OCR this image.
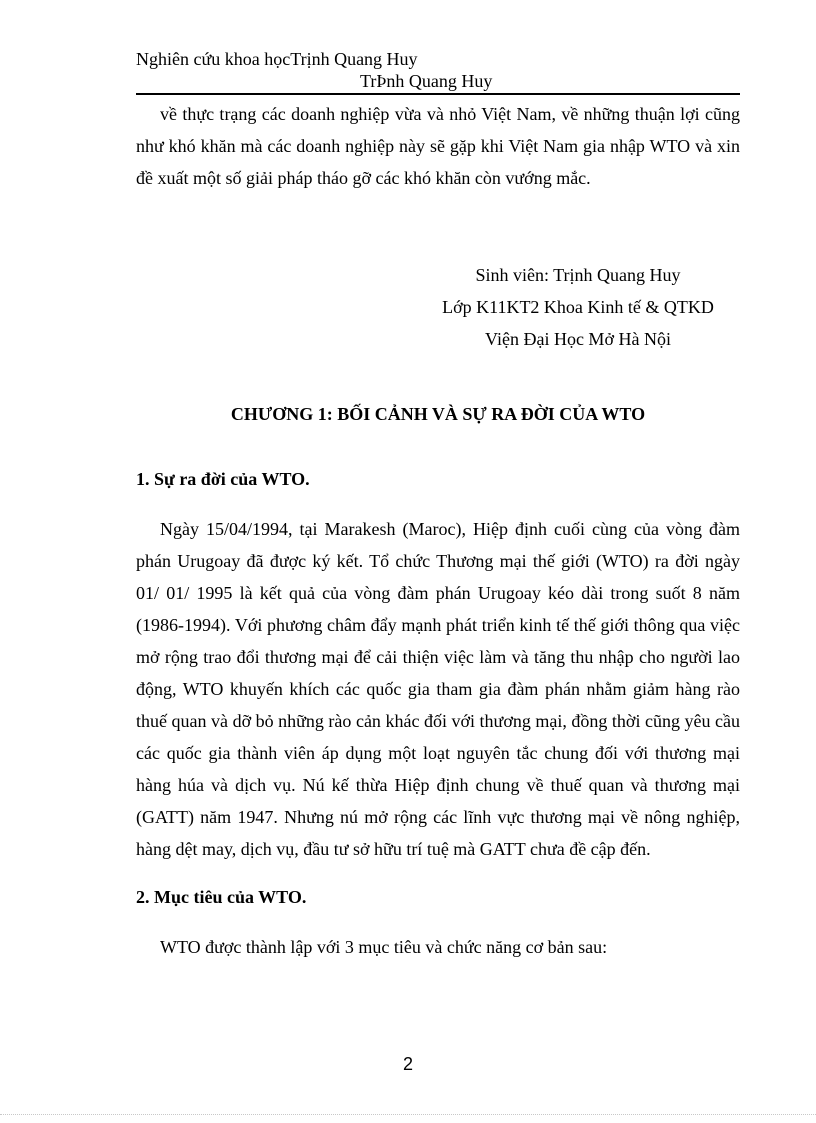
Nghiên cứu khoa họcTrịnh Quang Huy
TrÞnh Quang Huy

về thực trạng các doanh nghiệp vừa và nhỏ Việt Nam, về những thuận lợi cũng như khó khăn mà các doanh nghiệp này sẽ gặp khi Việt Nam gia nhập WTO và xin đề xuất một số giải pháp tháo gỡ các khó khăn còn vướng mắc.

Sinh viên: Trịnh Quang Huy
Lớp K11KT2 Khoa Kinh tế & QTKD
Viện Đại Học Mở Hà Nội
CHƯƠNG 1: BỐI CẢNH VÀ SỰ RA ĐỜI CỦA WTO
1. Sự ra đời của WTO.

Ngày 15/04/1994, tại Marakesh (Maroc), Hiệp định cuối cùng của vòng đàm phán Urugoay đã được ký kết. Tổ chức Thương mại thế giới (WTO) ra đời ngày 01/ 01/ 1995 là kết quả của vòng đàm phán Urugoay kéo dài trong suốt 8 năm (1986-1994). Với phương châm đẩy mạnh phát triển kinh tế thế giới thông qua việc mở rộng trao đổi thương mại để cải thiện việc làm và tăng thu nhập cho người lao động, WTO khuyến khích các quốc gia tham gia đàm phán nhằm giảm hàng rào thuế quan và dỡ bỏ những rào cản khác đối với thương mại, đồng thời cũng yêu cầu các quốc gia thành viên áp dụng một loạt nguyên tắc chung đối với thương mại hàng húa và dịch vụ. Nú kế thừa Hiệp định chung về thuế quan và thương mại (GATT) năm 1947. Nhưng nú mở rộng các lĩnh vực thương mại về nông nghiệp, hàng dệt may, dịch vụ, đầu tư sở hữu trí tuệ mà GATT chưa đề cập đến.

2. Mục tiêu của WTO.

WTO được thành lập với 3 mục tiêu và chức năng cơ bản sau:

2
